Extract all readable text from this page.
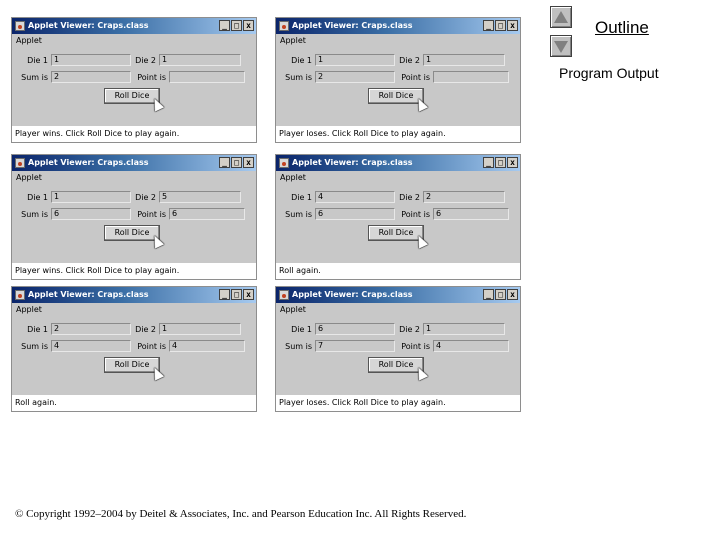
Applet Viewer: Craps.class	_ □ x
Applet
Die 1 1	Die 2 1
Sum is 2	Point is
Roll Dice
Player wins. Click Roll Dice to play again.
Applet Viewer: Craps.class	_ □ x
Applet
Die 1 1	Die 2 1
Sum is 2	Point is
Roll Dice
Player loses. Click Roll Dice to play again.
Applet Viewer: Craps.class	_ □ x
Applet
Die 1 1	Die 2 5
Sum is 6	Point is 6
Roll Dice
Player wins. Click Roll Dice to play again.
Applet Viewer: Craps.class	_ □ x
Applet
Die 1 4	Die 2 2
Sum is 6	Point is 6
Roll Dice
Roll again.
Applet Viewer: Craps.class	_ □ x
Applet
Die 1 2	Die 2 1
Sum is 4	Point is 4
Roll Dice
Roll again.
Applet Viewer: Craps.class	_ □ x
Applet
Die 1 6	Die 2 1
Sum is 7	Point is 4
Roll Dice
Player loses. Click Roll Dice to play again.
Outline
Program Output
© Copyright 1992–2004 by Deitel & Associates, Inc. and Pearson Education Inc. All Rights Reserved.
